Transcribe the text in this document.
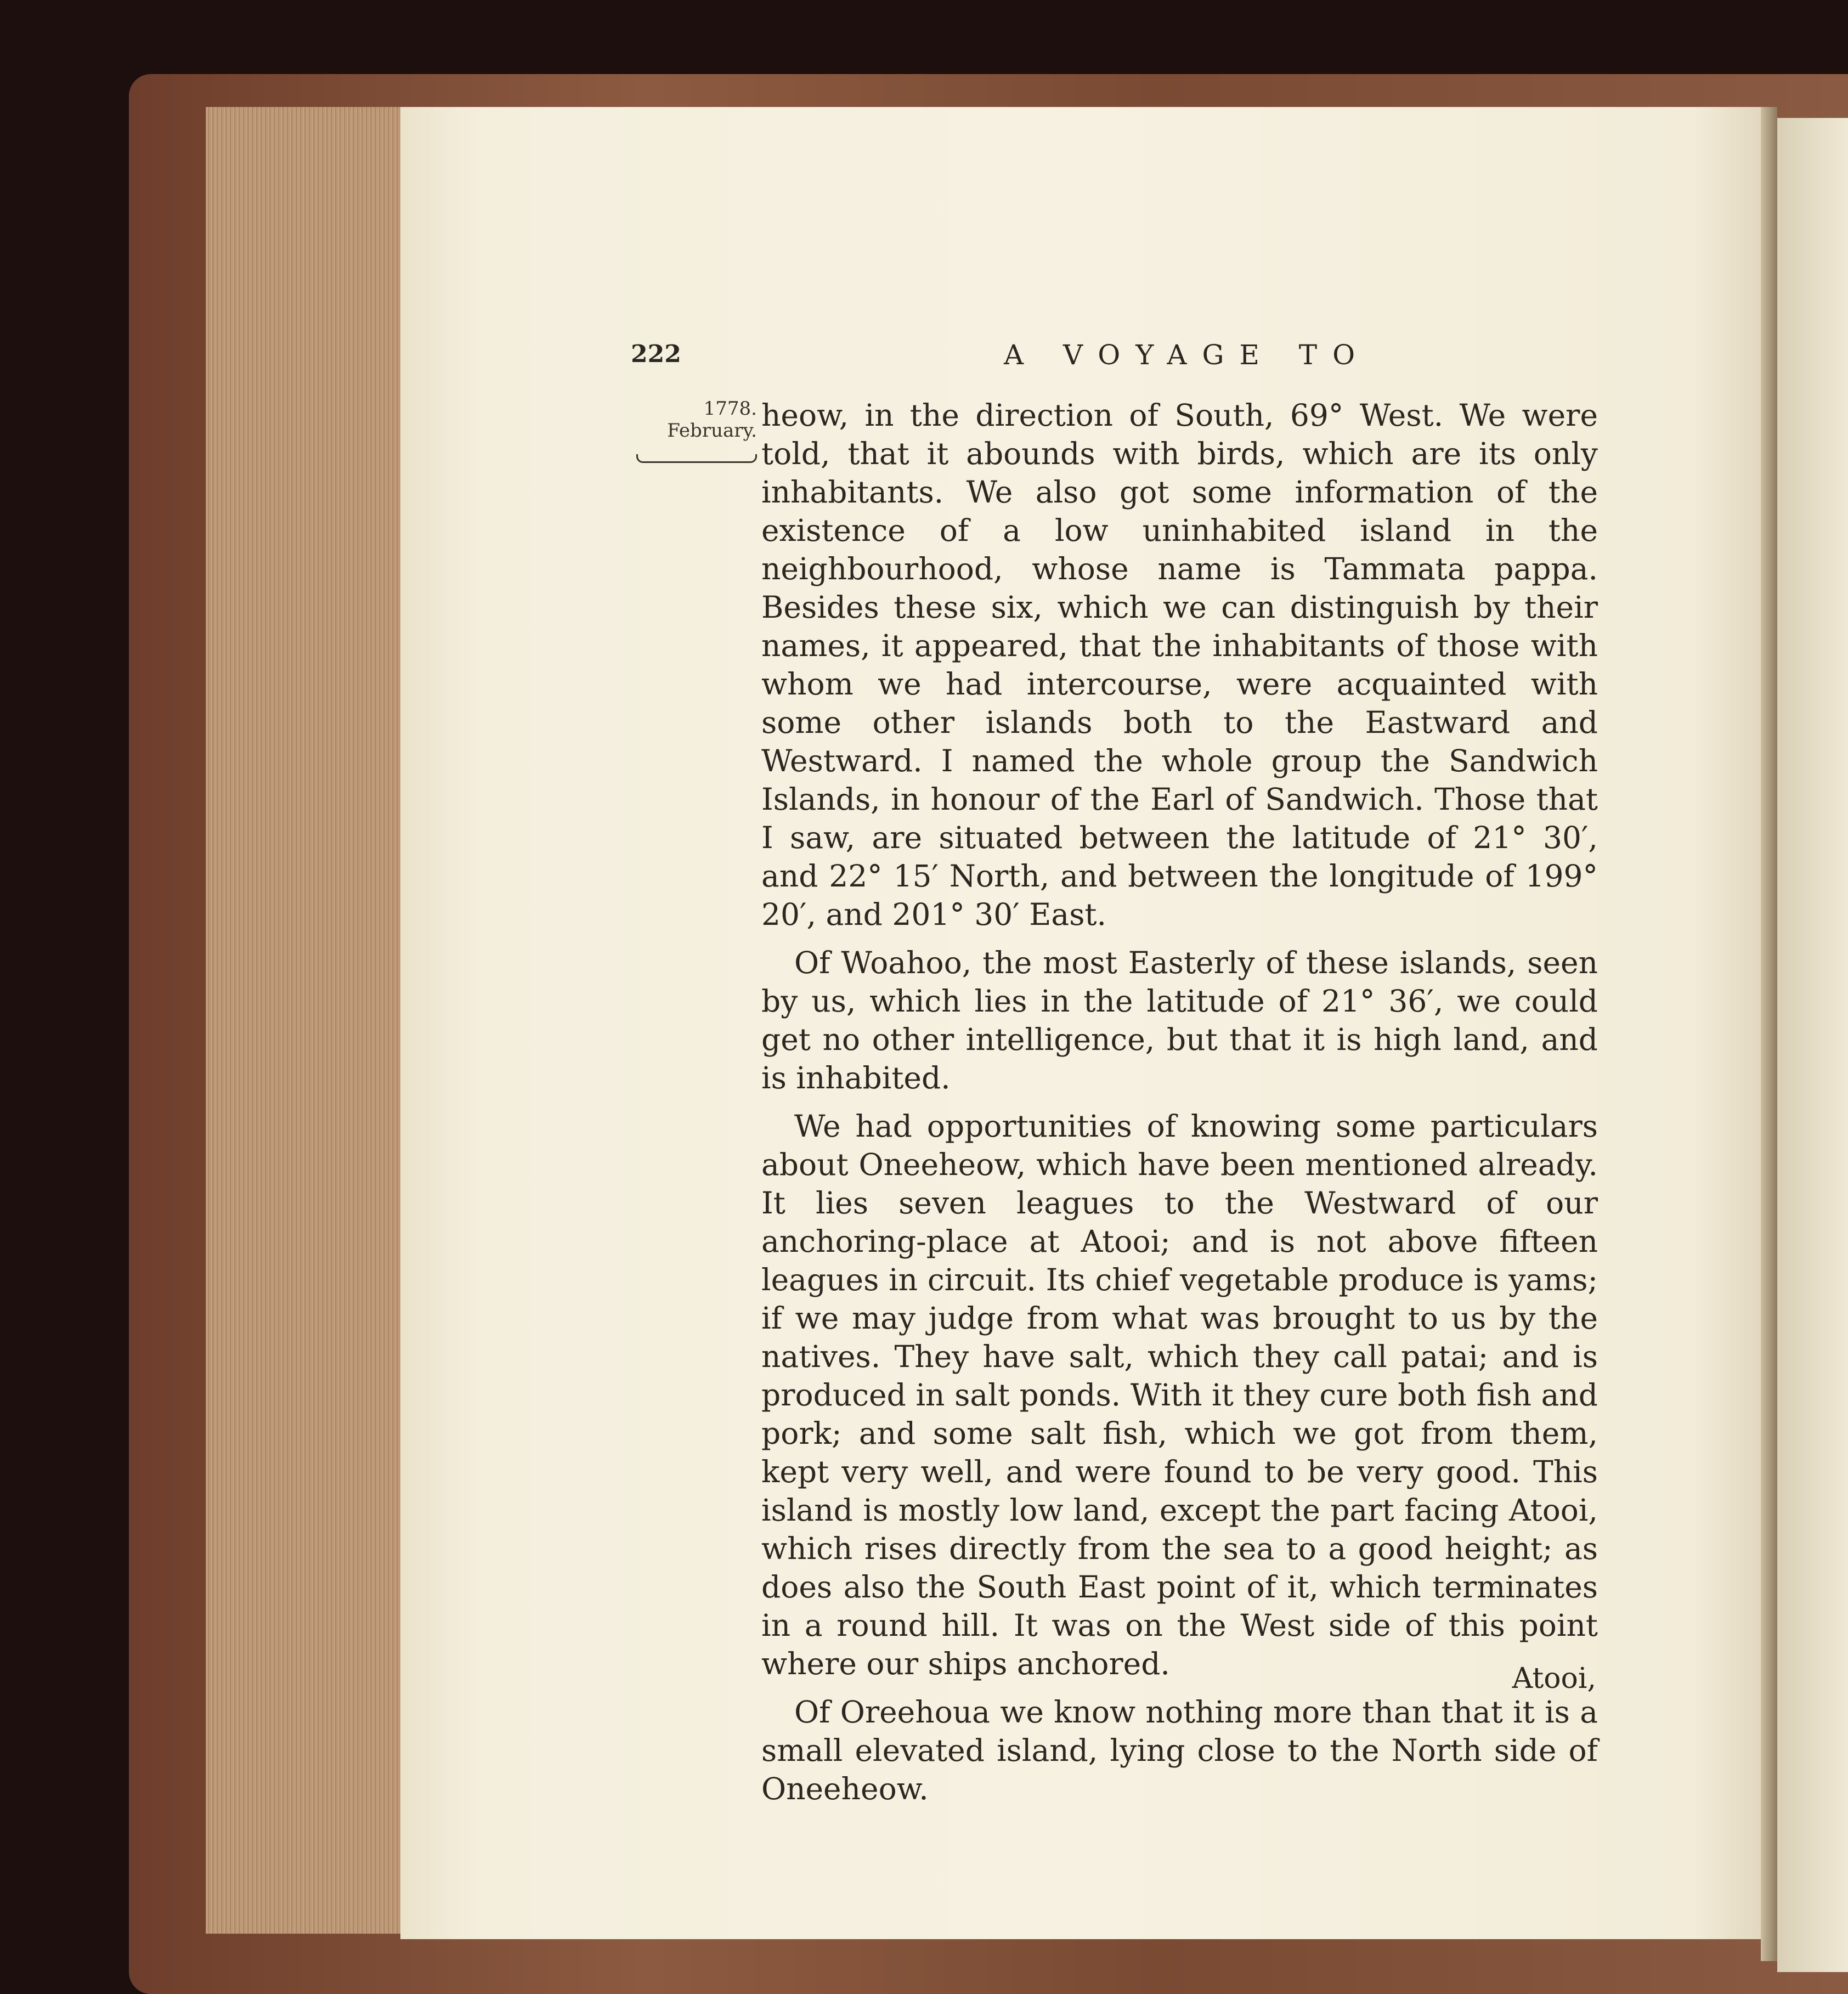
222	A VOYAGE TO
1778.
February. heow, in the direction of South, 69° West. We were told, that it abounds with birds, which are its only inhabitants. We also got some information of the existence of a low uninhabited island in the neighbourhood, whose name is Tammata pappa. Besides these six, which we can distinguish by their names, it appeared, that the inhabitants of those with whom we had intercourse, were acquainted with some other islands both to the Eastward and Westward. I named the whole group the Sandwich Islands, in honour of the Earl of Sandwich. Those that I saw, are situated between the latitude of 21° 30′, and 22° 15′ North, and between the longitude of 199° 20′, and 201° 30′ East.

Of Woahoo, the most Easterly of these islands, seen by us, which lies in the latitude of 21° 36′, we could get no other intelligence, but that it is high land, and is inhabited.

We had opportunities of knowing some particulars about Oneeheow, which have been mentioned already. It lies seven leagues to the Westward of our anchoring-place at Atooi; and is not above fifteen leagues in circuit. Its chief vegetable produce is yams; if we may judge from what was brought to us by the natives. They have salt, which they call patai; and is produced in salt ponds. With it they cure both fish and pork; and some salt fish, which we got from them, kept very well, and were found to be very good. This island is mostly low land, except the part facing Atooi, which rises directly from the sea to a good height; as does also the South East point of it, which terminates in a round hill. It was on the West side of this point where our ships anchored.

Of Oreehoua we know nothing more than that it is a small elevated island, lying close to the North side of Oneeheow.

Atooi,
